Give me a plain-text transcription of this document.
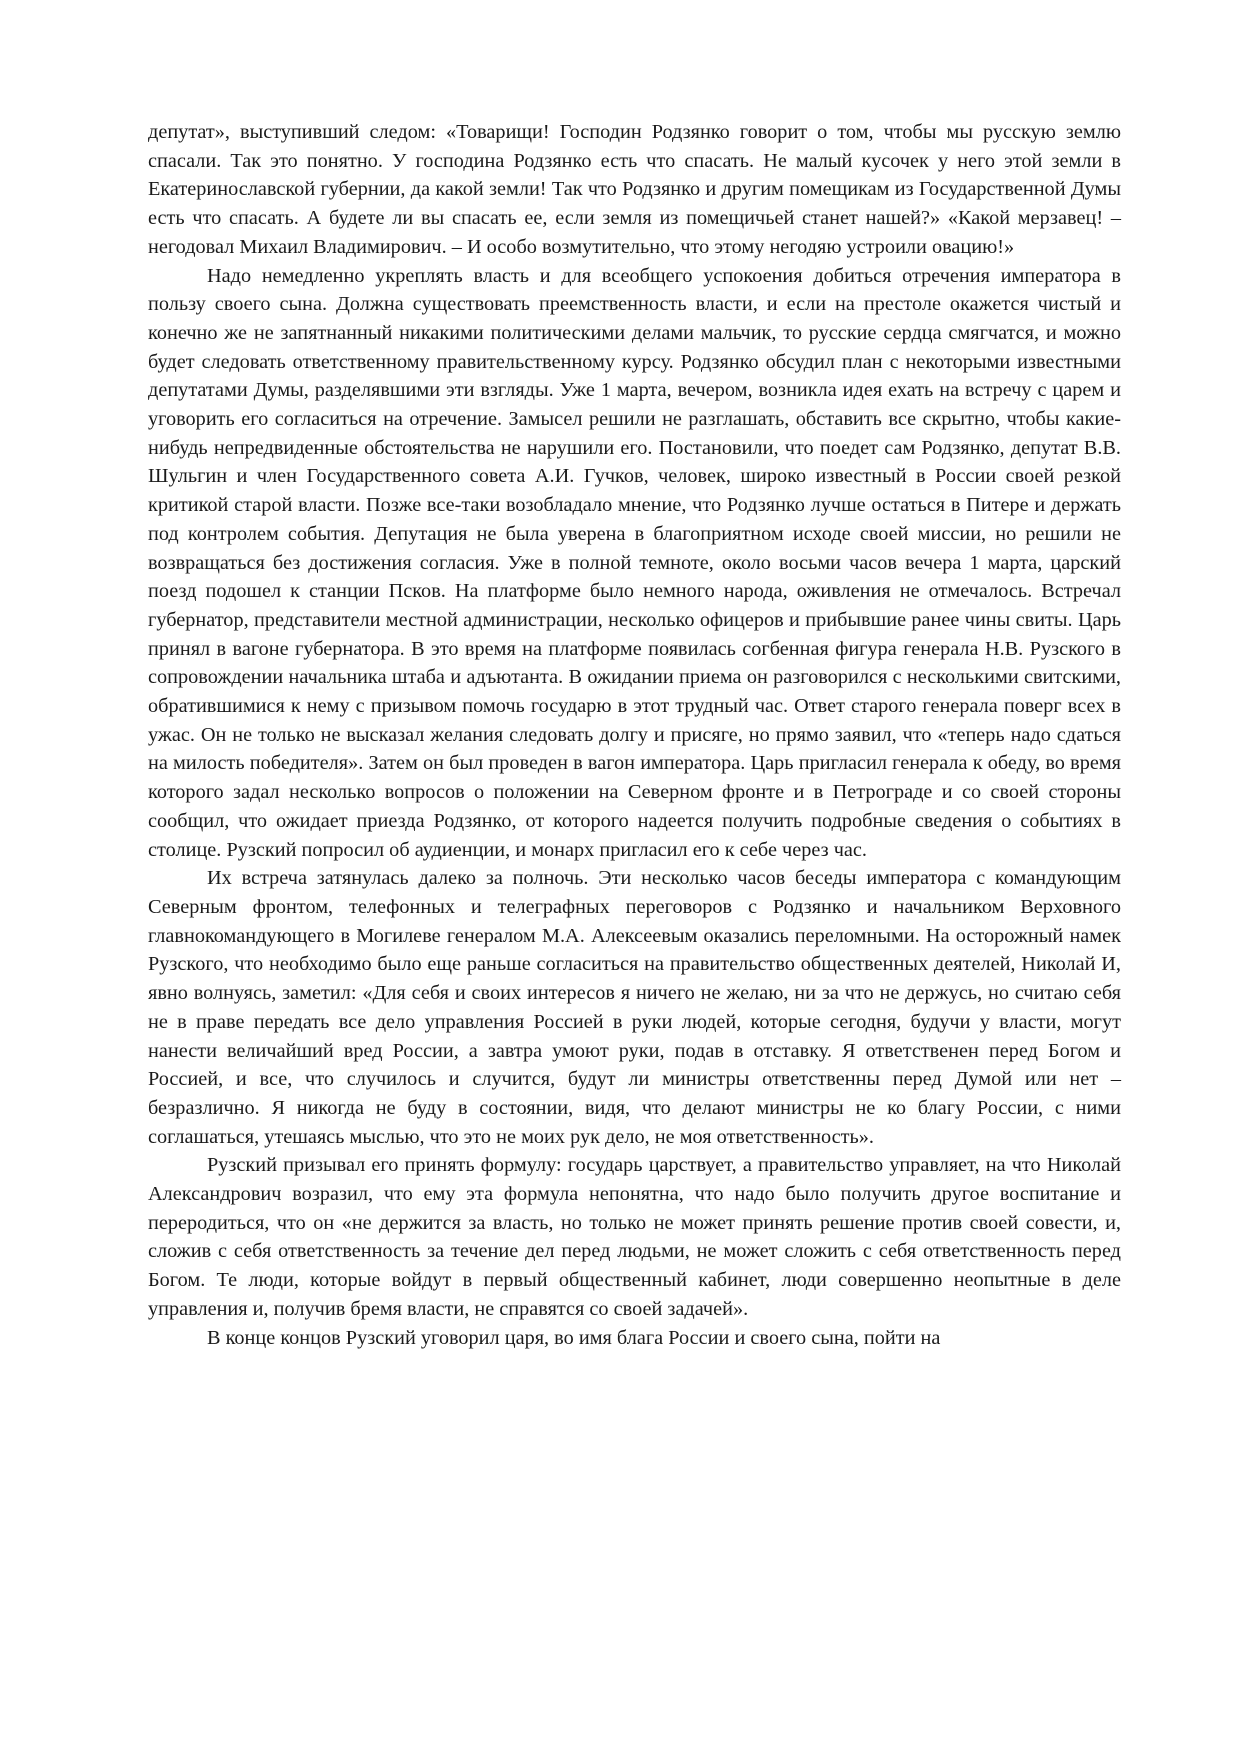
депутат», выступивший следом: «Товарищи! Господин Родзянко говорит о том, чтобы мы русскую землю спасали. Так это понятно. У господина Родзянко есть что спасать. Не малый кусочек у него этой земли в Екатеринославской губернии, да какой земли! Так что Родзянко и другим помещикам из Государственной Думы есть что спасать. А будете ли вы спасать ее, если земля из помещичьей станет нашей?» «Какой мерзавец! – негодовал Михаил Владимирович. – И особо возмутительно, что этому негодяю устроили овацию!»

Надо немедленно укреплять власть и для всеобщего успокоения добиться отречения императора в пользу своего сына. Должна существовать преемственность власти, и если на престоле окажется чистый и конечно же не запятнанный никакими политическими делами мальчик, то русские сердца смягчатся, и можно будет следовать ответственному правительственному курсу. Родзянко обсудил план с некоторыми известными депутатами Думы, разделявшими эти взгляды. Уже 1 марта, вечером, возникла идея ехать на встречу с царем и уговорить его согласиться на отречение. Замысел решили не разглашать, обставить все скрытно, чтобы какие-нибудь непредвиденные обстоятельства не нарушили его. Постановили, что поедет сам Родзянко, депутат В.В. Шульгин и член Государственного совета А.И. Гучков, человек, широко известный в России своей резкой критикой старой власти. Позже все-таки возобладало мнение, что Родзянко лучше остаться в Питере и держать под контролем события. Депутация не была уверена в благоприятном исходе своей миссии, но решили не возвращаться без достижения согласия. Уже в полной темноте, около восьми часов вечера 1 марта, царский поезд подошел к станции Псков. На платформе было немного народа, оживления не отмечалось. Встречал губернатор, представители местной администрации, несколько офицеров и прибывшие ранее чины свиты. Царь принял в вагоне губернатора. В это время на платформе появилась согбенная фигура генерала Н.В. Рузского в сопровождении начальника штаба и адъютанта. В ожидании приема он разговорился с несколькими свитскими, обратившимися к нему с призывом помочь государю в этот трудный час. Ответ старого генерала поверг всех в ужас. Он не только не высказал желания следовать долгу и присяге, но прямо заявил, что «теперь надо сдаться на милость победителя». Затем он был проведен в вагон императора. Царь пригласил генерала к обеду, во время которого задал несколько вопросов о положении на Северном фронте и в Петрограде и со своей стороны сообщил, что ожидает приезда Родзянко, от которого надеется получить подробные сведения о событиях в столице. Рузский попросил об аудиенции, и монарх пригласил его к себе через час.

Их встреча затянулась далеко за полночь. Эти несколько часов беседы императора с командующим Северным фронтом, телефонных и телеграфных переговоров с Родзянко и начальником Верховного главнокомандующего в Могилеве генералом М.А. Алексеевым оказались переломными. На осторожный намек Рузского, что необходимо было еще раньше согласиться на правительство общественных деятелей, Николай И, явно волнуясь, заметил: «Для себя и своих интересов я ничего не желаю, ни за что не держусь, но считаю себя не в праве передать все дело управления Россией в руки людей, которые сегодня, будучи у власти, могут нанести величайший вред России, а завтра умоют руки, подав в отставку. Я ответственен перед Богом и Россией, и все, что случилось и случится, будут ли министры ответственны перед Думой или нет – безразлично. Я никогда не буду в состоянии, видя, что делают министры не ко благу России, с ними соглашаться, утешаясь мыслью, что это не моих рук дело, не моя ответственность».

Рузский призывал его принять формулу: государь царствует, а правительство управляет, на что Николай Александрович возразил, что ему эта формула непонятна, что надо было получить другое воспитание и переродиться, что он «не держится за власть, но только не может принять решение против своей совести, и, сложив с себя ответственность за течение дел перед людьми, не может сложить с себя ответственность перед Богом. Те люди, которые войдут в первый общественный кабинет, люди совершенно неопытные в деле управления и, получив бремя власти, не справятся со своей задачей».

В конце концов Рузский уговорил царя, во имя блага России и своего сына, пойти на
